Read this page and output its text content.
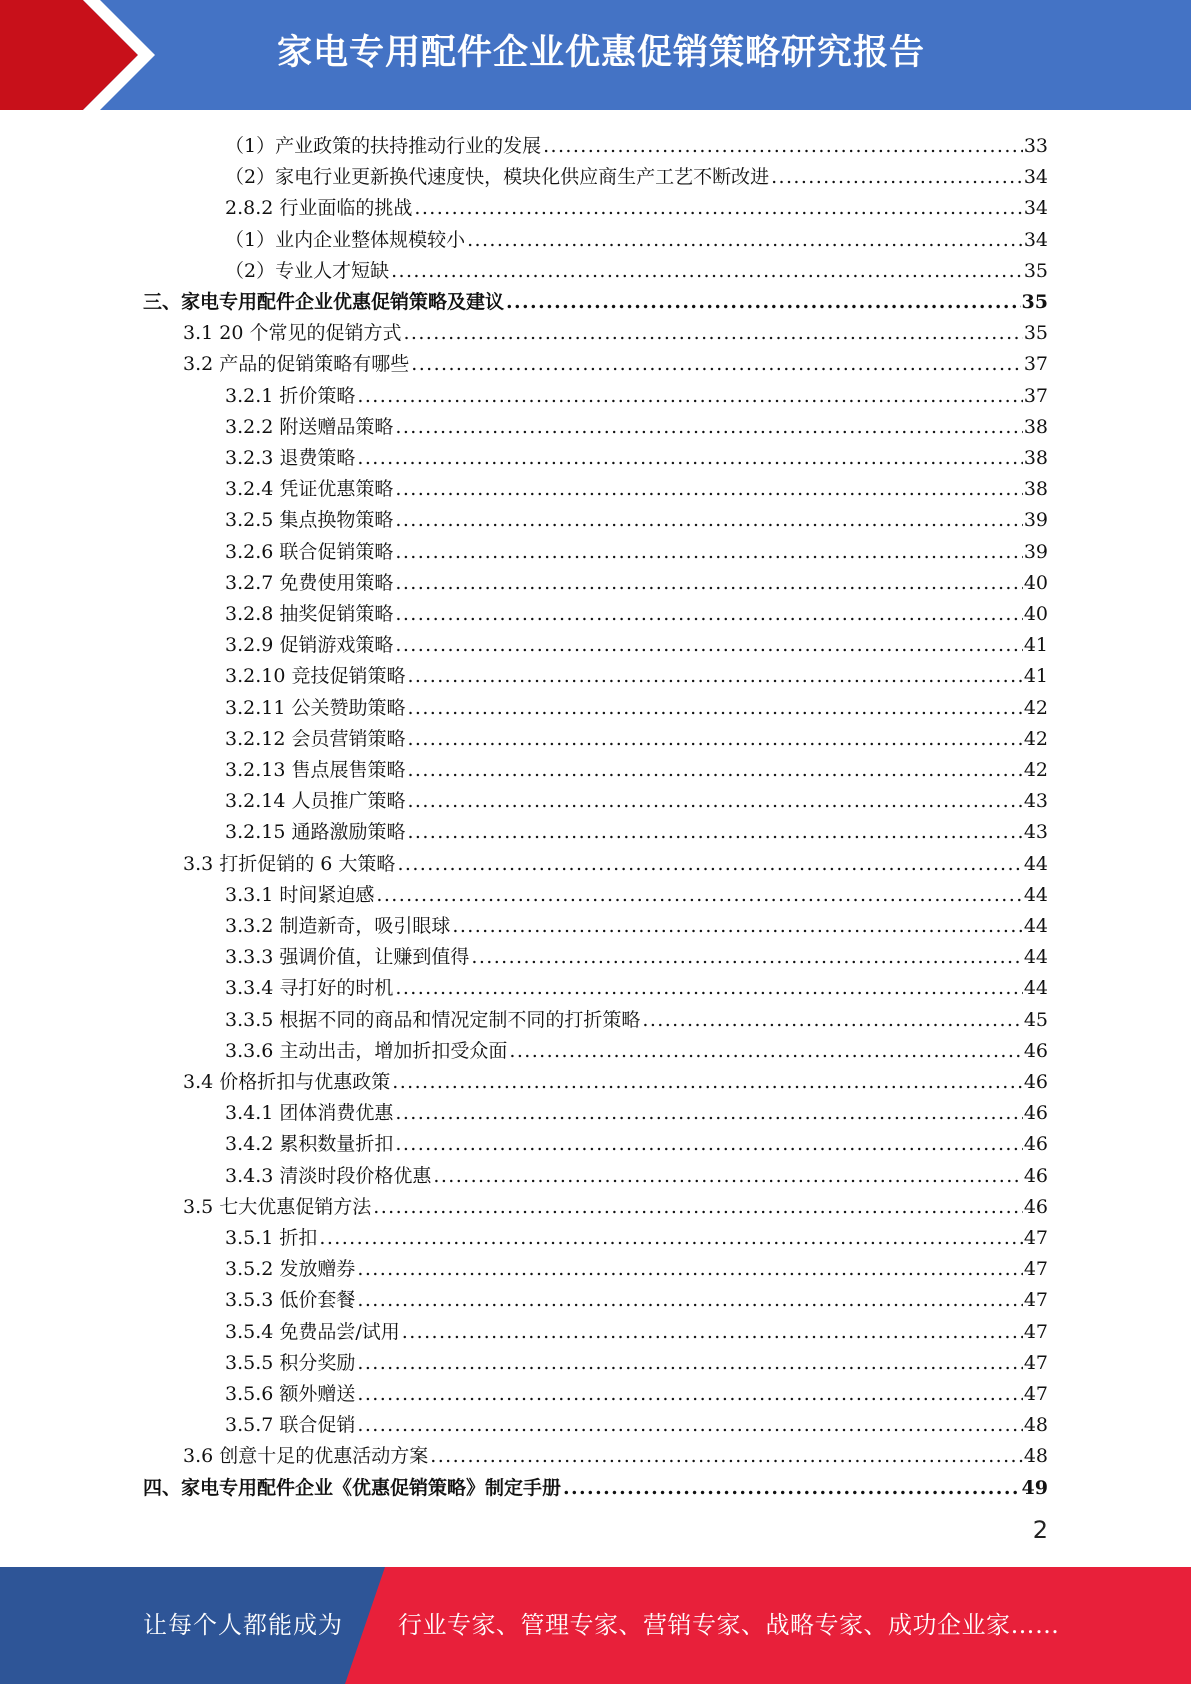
家电专用配件企业优惠促销策略研究报告
（1）产业政策的扶持推动行业的发展 .....	33
（2）家电行业更新换代速度快，模块化供应商生产工艺不断改进 .....	34
2.8.2 行业面临的挑战 .....	34
（1）业内企业整体规模较小 .....	34
（2）专业人才短缺 .....	35
三、家电专用配件企业优惠促销策略及建议 .....	35
3.1 20 个常见的促销方式 .....	35
3.2 产品的促销策略有哪些 .....	37
3.2.1 折价策略 .....	37
3.2.2 附送赠品策略 .....	38
3.2.3 退费策略 .....	38
3.2.4 凭证优惠策略 .....	38
3.2.5 集点换物策略 .....	39
3.2.6 联合促销策略 .....	39
3.2.7 免费使用策略 .....	40
3.2.8 抽奖促销策略 .....	40
3.2.9 促销游戏策略 .....	41
3.2.10 竞技促销策略 .....	41
3.2.11 公关赞助策略 .....	42
3.2.12 会员营销策略 .....	42
3.2.13 售点展售策略 .....	42
3.2.14 人员推广策略 .....	43
3.2.15 通路激励策略 .....	43
3.3 打折促销的 6 大策略 .....	44
3.3.1 时间紧迫感 .....	44
3.3.2 制造新奇，吸引眼球 .....	44
3.3.3 强调价值，让赚到值得 .....	44
3.3.4 寻打好的时机 .....	44
3.3.5 根据不同的商品和情况定制不同的打折策略 .....	45
3.3.6 主动出击，增加折扣受众面 .....	46
3.4 价格折扣与优惠政策 .....	46
3.4.1 团体消费优惠 .....	46
3.4.2 累积数量折扣 .....	46
3.4.3 清淡时段价格优惠 .....	46
3.5 七大优惠促销方法 .....	46
3.5.1 折扣 .....	47
3.5.2 发放赠券 .....	47
3.5.3 低价套餐 .....	47
3.5.4 免费品尝/试用 .....	47
3.5.5 积分奖励 .....	47
3.5.6 额外赠送 .....	47
3.5.7 联合促销 .....	48
3.6 创意十足的优惠活动方案 .....	48
四、家电专用配件企业《优惠促销策略》制定手册 .....	49
2
让每个人都能成为 行业专家、管理专家、营销专家、战略专家、成功企业家……
